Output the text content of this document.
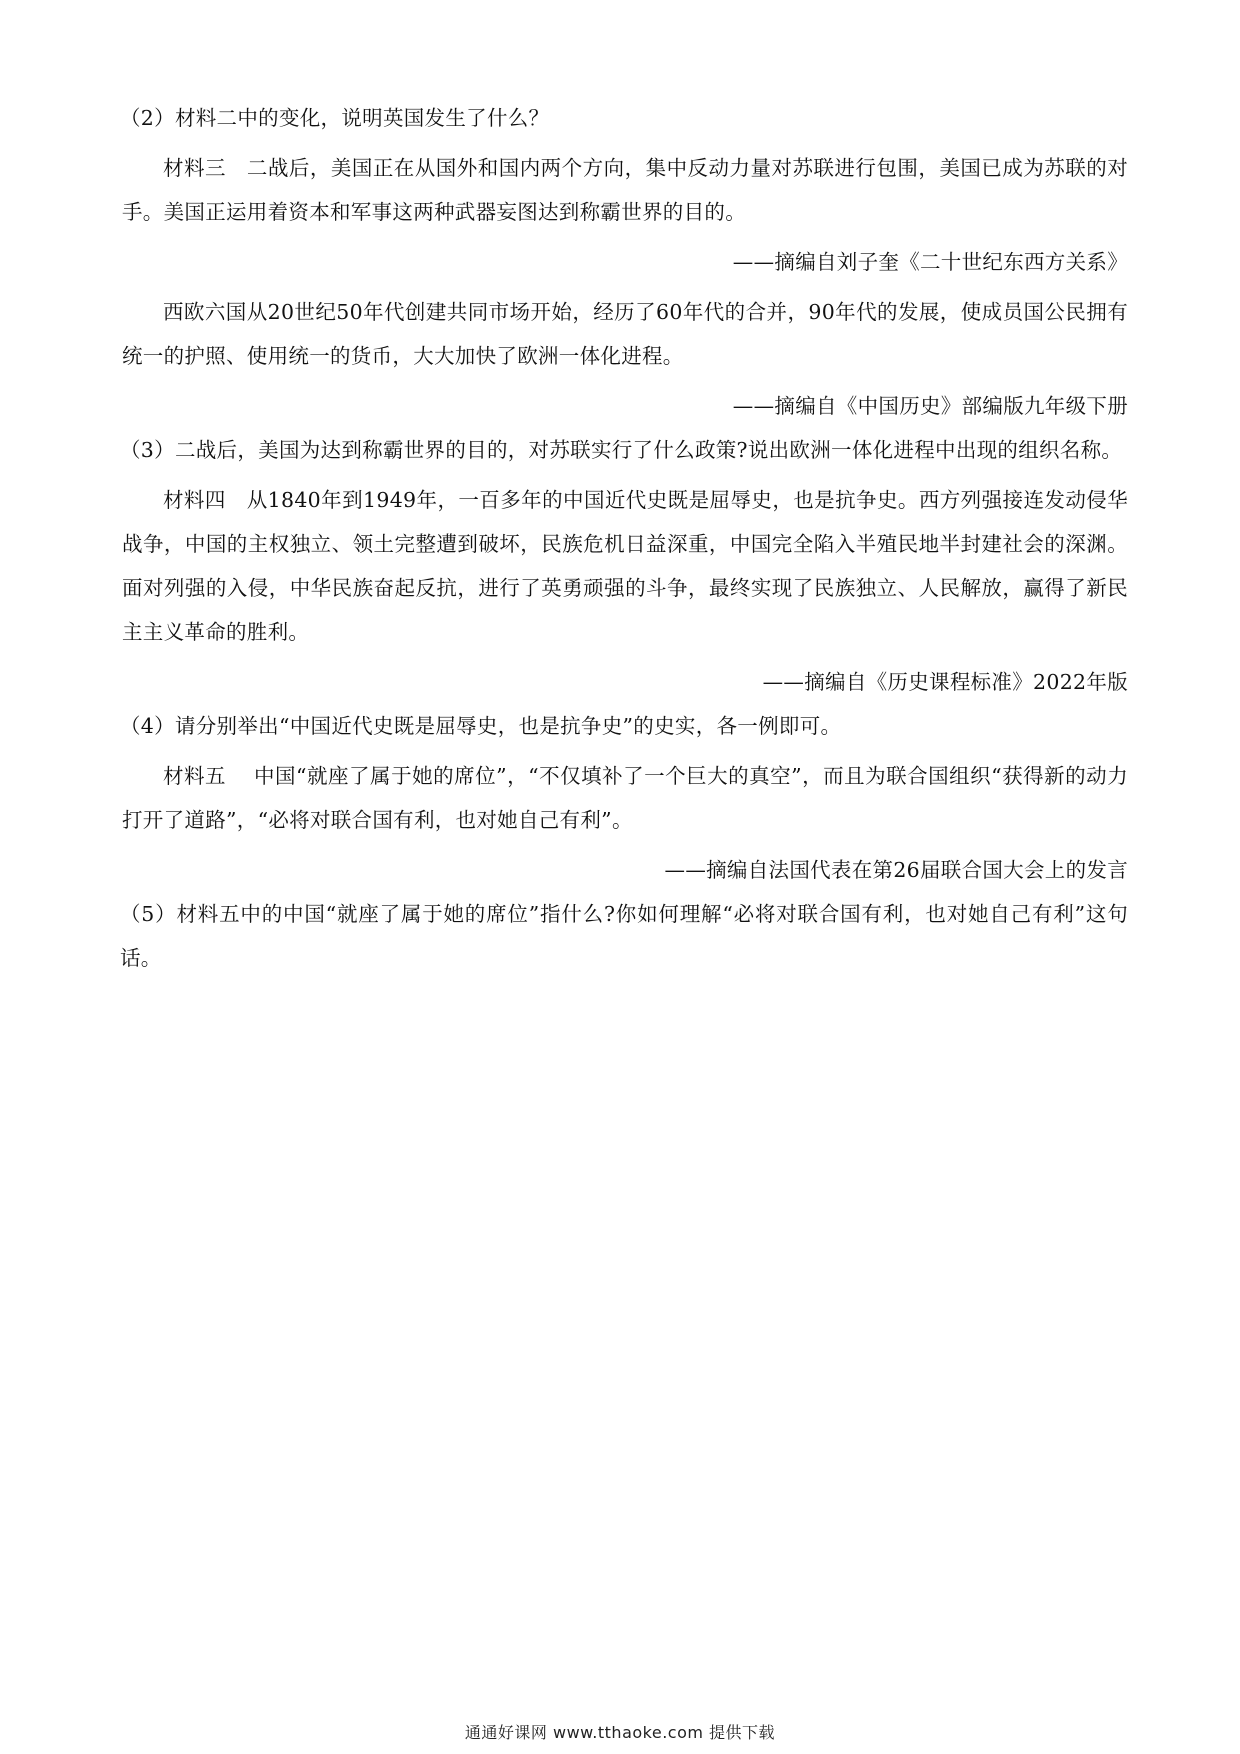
（2）材料二中的变化，说明英国发生了什么？
材料三　二战后，美国正在从国外和国内两个方向，集中反动力量对苏联进行包围，美国已成为苏联的对手。美国正运用着资本和军事这两种武器妄图达到称霸世界的目的。
——摘编自刘子奎《二十世纪东西方关系》
西欧六国从20世纪50年代创建共同市场开始，经历了60年代的合并，90年代的发展，使成员国公民拥有统一的护照、使用统一的货币，大大加快了欧洲一体化进程。
——摘编自《中国历史》部编版九年级下册
（3）二战后，美国为达到称霸世界的目的，对苏联实行了什么政策?说出欧洲一体化进程中出现的组织名称。
材料四　从1840年到1949年，一百多年的中国近代史既是屈辱史，也是抗争史。西方列强接连发动侵华战争，中国的主权独立、领土完整遭到破坏，民族危机日益深重，中国完全陷入半殖民地半封建社会的深渊。面对列强的入侵，中华民族奋起反抗，进行了英勇顽强的斗争，最终实现了民族独立、人民解放，赢得了新民主主义革命的胜利。
——摘编自《历史课程标准》2022年版
（4）请分别举出“中国近代史既是屈辱史，也是抗争史”的史实，各一例即可。
材料五　 中国“就座了属于她的席位”，“不仅填补了一个巨大的真空”，而且为联合国组织“获得新的动力打开了道路”，“必将对联合国有利，也对她自己有利”。
——摘编自法国代表在第26届联合国大会上的发言
（5）材料五中的中国“就座了属于她的席位”指什么?你如何理解“必将对联合国有利，也对她自己有利”这句话。
通通好课网 www.tthaoke.com 提供下载
